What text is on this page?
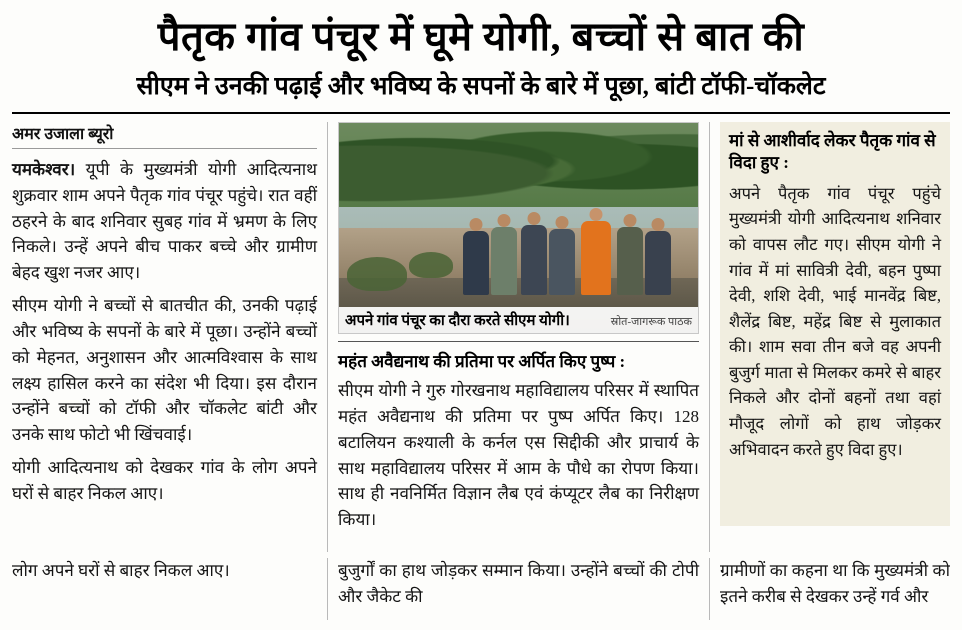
पैतृक गांव पंचूर में घूमे योगी, बच्चों से बात की
सीएम ने उनकी पढ़ाई और भविष्य के सपनों के बारे में पूछा, बांटी टॉफी-चॉकलेट
अमर उजाला ब्यूरो

यमकेश्वर। यूपी के मुख्यमंत्री योगी आदित्यनाथ शुक्रवार शाम अपने पैतृक गांव पंचूर पहुंचे। रात वहीं ठहरने के बाद शनिवार सुबह गांव में भ्रमण के लिए निकले। उन्हें अपने बीच पाकर बच्चे और ग्रामीण बेहद खुश नजर आए।

सीएम योगी ने बच्चों से बातचीत की, उनकी पढ़ाई और भविष्य के सपनों के बारे में पूछा। उन्होंने बच्चों को मेहनत, अनुशासन और आत्मविश्वास के साथ लक्ष्य हासिल करने का संदेश भी दिया। इस दौरान उन्होंने बच्चों को टॉफी और चॉकलेट बांटी और उनके साथ फोटो भी खिंचवाई।

योगी आदित्यनाथ को देखकर गांव के लोग अपने घरों से बाहर निकल आए।

अपने गांव पंचूर का दौरा करते सीएम योगी।	स्रोत-जागरूक पाठक
महंत अवैद्यनाथ की प्रतिमा पर अर्पित किए पुष्प :

सीएम योगी ने गुरु गोरखनाथ महाविद्यालय परिसर में स्थापित महंत अवैद्यनाथ की प्रतिमा पर पुष्प अर्पित किए। 128 बटालियन कश्याली के कर्नल एस सिद्दीकी और प्राचार्य के साथ महाविद्यालय परिसर में आम के पौधे का रोपण किया। साथ ही नवनिर्मित विज्ञान लैब एवं कंप्यूटर लैब का निरीक्षण किया।

मां से आशीर्वाद लेकर पैतृक गांव से विदा हुए :

अपने पैतृक गांव पंचूर पहुंचे मुख्यमंत्री योगी आदित्यनाथ शनिवार को वापस लौट गए। सीएम योगी ने गांव में मां सावित्री देवी, बहन पुष्पा देवी, शशि देवी, भाई मानवेंद्र बिष्ट, शैलेंद्र बिष्ट, महेंद्र बिष्ट से मुलाकात की। शाम सवा तीन बजे वह अपनी बुजुर्ग माता से मिलकर कमरे से बाहर निकले और दोनों बहनों तथा वहां मौजूद लोगों को हाथ जोड़कर अभिवादन करते हुए विदा हुए।

लोग अपने घरों से बाहर निकल आए।	बुजुर्गों का हाथ जोड़कर सम्मान किया। उन्होंने बच्चों की टोपी और जैकेट की

ग्रामीणों का कहना था कि मुख्यमंत्री को इतने करीब से देखकर उन्हें गर्व और
